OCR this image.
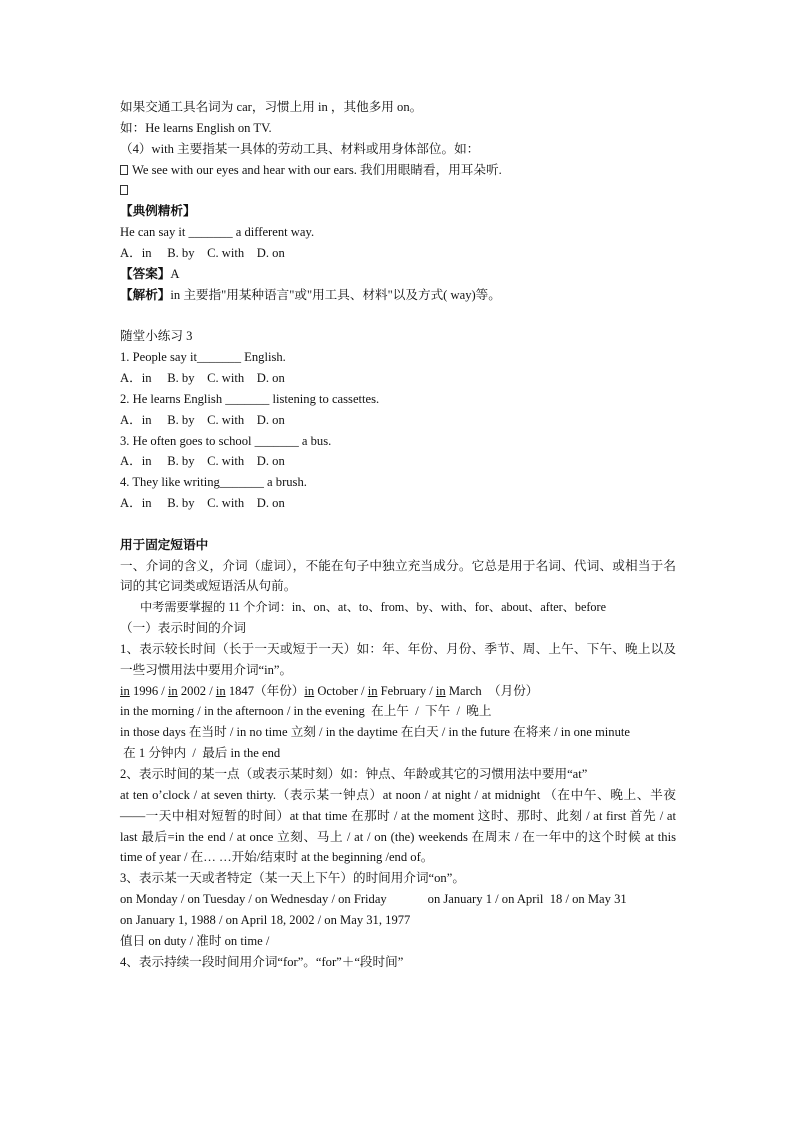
如果交通工具名词为 car，习惯上用 in ，其他多用 on。
如：He learns English on TV.
（4）with 主要指某一具体的劳动工具、材料或用身体部位。如：
We see with our eyes and hear with our ears. 我们用眼睛看，用耳朵听.
【典例精析】
He can say it _______ a different way.
A．in     B. by    C. with    D. on
【答案】A
【解析】in 主要指"用某种语言"或"用工具、材料"以及方式( way)等。
随堂小练习 3
1. People say it_______ English.
A．in     B. by    C. with    D. on
2. He learns English _______ listening to cassettes.
A．in     B. by    C. with    D. on
3. He often goes to school _______ a bus.
A．in     B. by    C. with    D. on
4. They like writing_______ a brush.
A．in     B. by    C. with    D. on
用于固定短语中
一、介词的含义，介词（虚词），不能在句子中独立充当成分。它总是用于名词、代词、或相当于名词的其它词类或短语活从句前。
中考需要掌握的 11 个介词：in、on、at、to、from、by、with、for、about、after、before
（一）表示时间的介词
1、表示较长时间（长于一天或短于一天）如：年、年份、月份、季节、周、上午、下午、晚上以及一些习惯用法中要用介词“in”。
in 1996 / in 2002 / in 1847（年份）in October / in February / in March  （月份）
in the morning / in the afternoon / in the evening  在上午  /  下午  /  晚上
in those days 在当时 / in no time 立刻 / in the daytime 在白天 / in the future 在将来 / in one minute
在 1 分钟内  /  最后 in the end
2、表示时间的某一点（或表示某时刻）如：钟点、年龄或其它的习惯用法中要用“at”
at ten o’clock / at seven thirty.（表示某一钟点）at noon / at night / at midnight （在中午、晚上、半夜——一天中相对短暂的时间）at that time 在那时 / at the moment 这时、那时、此刻 / at first 首先 / at last 最后=in the end / at once 立刻、马上 / at / on (the) weekends 在周末 / 在一年中的这个时候 at this time of year / 在… …开始/结束时 at the beginning /end of。
3、表示某一天或者特定（某一天上下午）的时间用介词“on”。
on Monday / on Tuesday / on Wednesday / on Friday             on January 1 / on April  18 / on May 31
on January 1, 1988 / on April 18, 2002 / on May 31, 1977
值日 on duty / 准时 on time /
4、表示持续一段时间用介词“for”。“for”＋“段时间”
